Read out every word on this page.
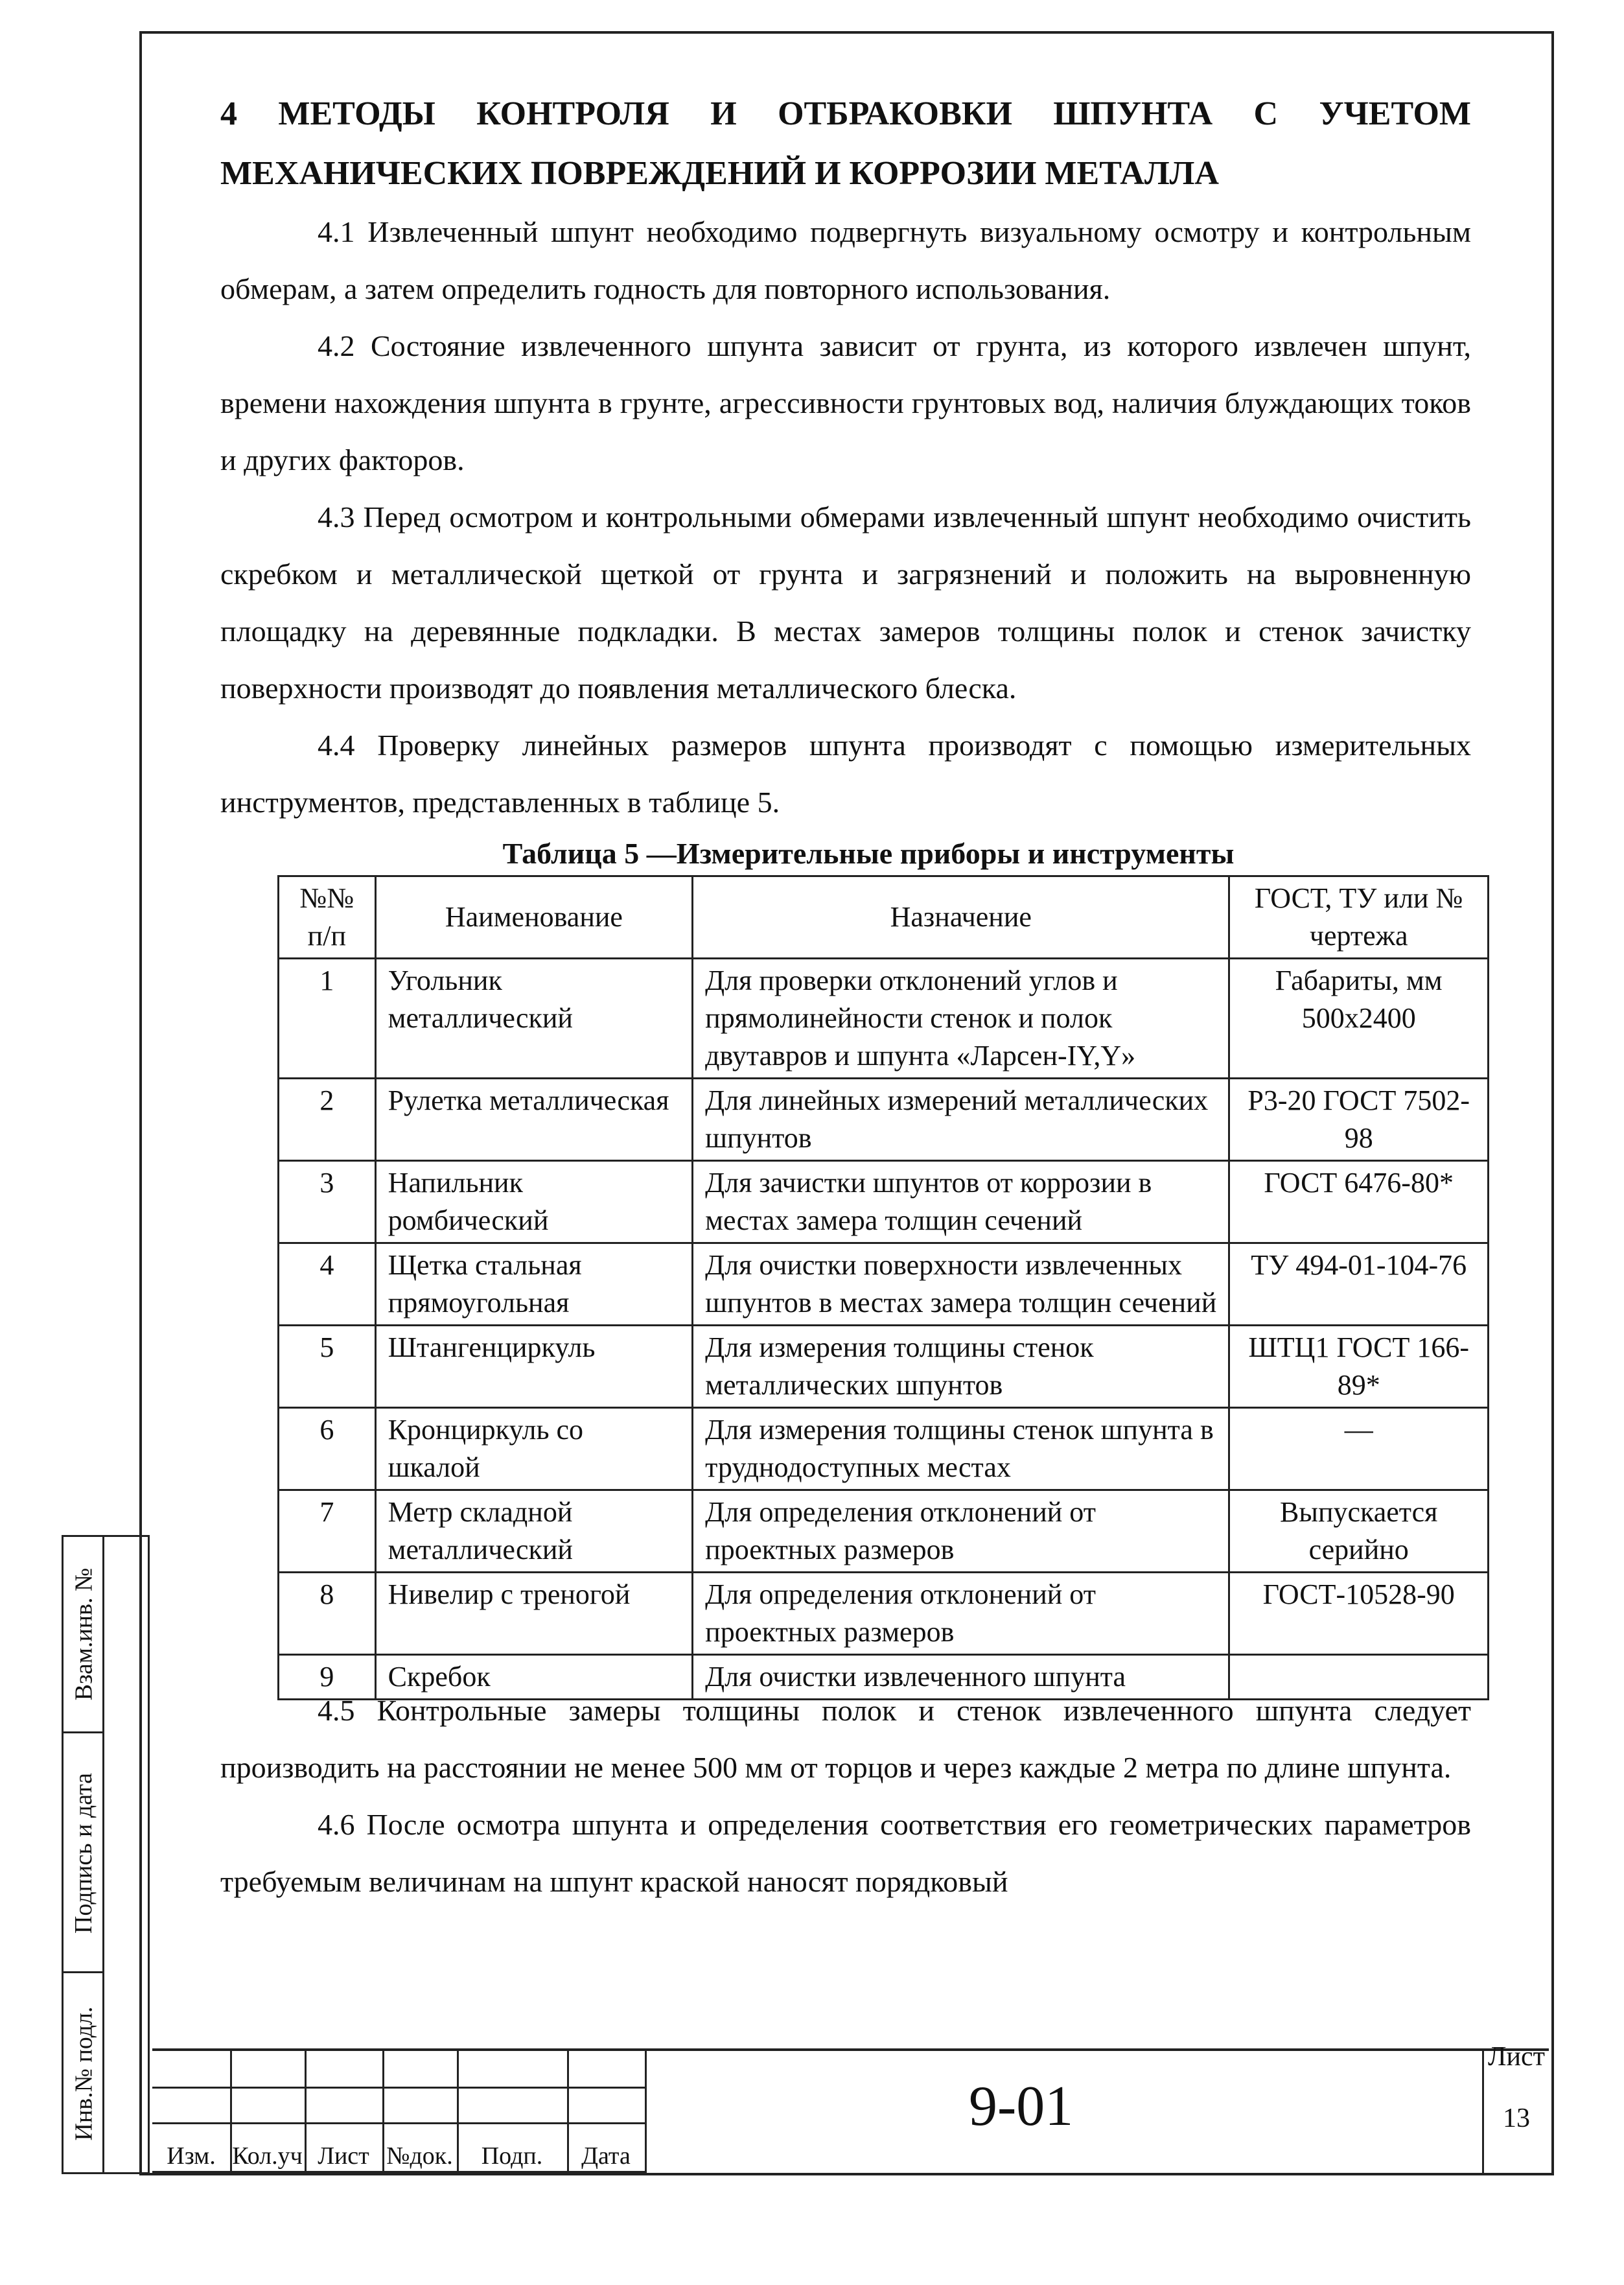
Взам.инв. №
Подпись и дата
Инв.№ подл.
4 МЕТОДЫ КОНТРОЛЯ И ОТБРАКОВКИ ШПУНТА С УЧЕТОМ
МЕХАНИЧЕСКИХ ПОВРЕЖДЕНИЙ И КОРРОЗИИ МЕТАЛЛА

4.1 Извлеченный шпунт необходимо подвергнуть визуальному осмотру и контрольным обмерам, а затем определить годность для повторного использования.

4.2 Состояние извлеченного шпунта зависит от грунта, из которого извлечен шпунт, времени нахождения шпунта в грунте, агрессивности грунтовых вод, наличия блуждающих токов и других факторов.

4.3 Перед осмотром и контрольными обмерами извлеченный шпунт необходимо очистить скребком и металлической щеткой от грунта и загрязнений и положить на выровненную площадку на деревянные подкладки. В местах замеров толщины полок и стенок зачистку поверхности производят до появления металлического блеска.

4.4 Проверку линейных размеров шпунта производят с помощью измерительных инструментов, представленных в таблице 5.

Таблица 5 —Измерительные приборы и инструменты
№№ п/п	Наименование	Назначение	ГОСТ, ТУ или № чертежа
1	Угольник металлический	Для проверки отклонений углов и прямолинейности стенок и полок двутавров и шпунта «Ларсен-IY,Y»	Габариты, мм 500х2400
2	Рулетка металлическая	Для линейных измерений металлических шпунтов	Р3-20 ГОСТ 7502-98
3	Напильник ромбический	Для зачистки шпунтов от коррозии в местах замера толщин сечений	ГОСТ 6476-80*
4	Щетка стальная прямоугольная	Для очистки поверхности извлеченных шпунтов в местах замера толщин сечений	ТУ 494-01-104-76
5	Штангенциркуль	Для измерения толщины стенок металлических шпунтов	ШТЦ1 ГОСТ 166-89*
6	Кронциркуль со шкалой	Для измерения толщины стенок шпунта в труднодоступных местах	—
7	Метр складной металлический	Для определения отклонений от проектных размеров	Выпускается серийно
8	Нивелир с треногой	Для определения отклонений от проектных размеров	ГОСТ-10528-90
9	Скребок	Для очистки извлеченного шпунта	

4.5 Контрольные замеры толщины полок и стенок извлеченного шпунта следует производить на расстоянии не менее 500 мм от торцов и через каждые 2 метра по длине шпунта.

4.6 После осмотра шпунта и определения соответствия его геометрических параметров требуемым величинам на шпунт краской наносят порядковый

Изм. Кол.уч Лист №док.	Подп.	Дата
9-01
Лист
13
